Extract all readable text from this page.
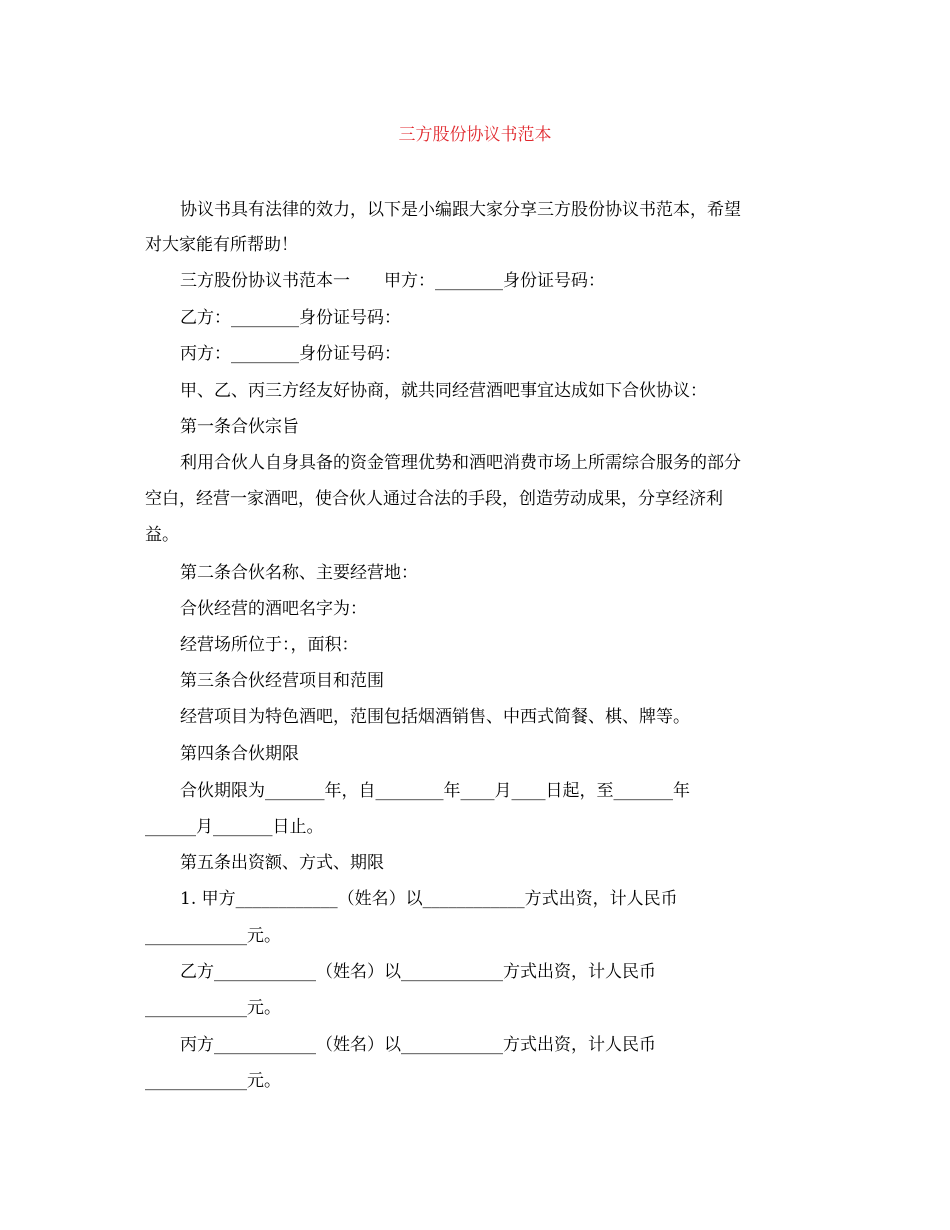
三方股份协议书范本
协议书具有法律的效力，以下是小编跟大家分享三方股份协议书范本，希望
对大家能有所帮助！
三方股份协议书范本一　　甲方：________身份证号码：
乙方：________身份证号码：
丙方：________身份证号码：
甲、乙、丙三方经友好协商，就共同经营酒吧事宜达成如下合伙协议：
第一条合伙宗旨
利用合伙人自身具备的资金管理优势和酒吧消费市场上所需综合服务的部分
空白，经营一家酒吧，使合伙人通过合法的手段，创造劳动成果，分享经济利
益。
第二条合伙名称、主要经营地：
合伙经营的酒吧名字为：
经营场所位于：，面积：
第三条合伙经营项目和范围
经营项目为特色酒吧，范围包括烟酒销售、中西式简餐、棋、牌等。
第四条合伙期限
合伙期限为_______年，自________年____月____日起，至_______年
______月_______日止。
第五条出资额、方式、期限
1. 甲方____________（姓名）以____________方式出资，计人民币
____________元。
乙方____________（姓名）以____________方式出资，计人民币
____________元。
丙方____________（姓名）以____________方式出资，计人民币
____________元。
